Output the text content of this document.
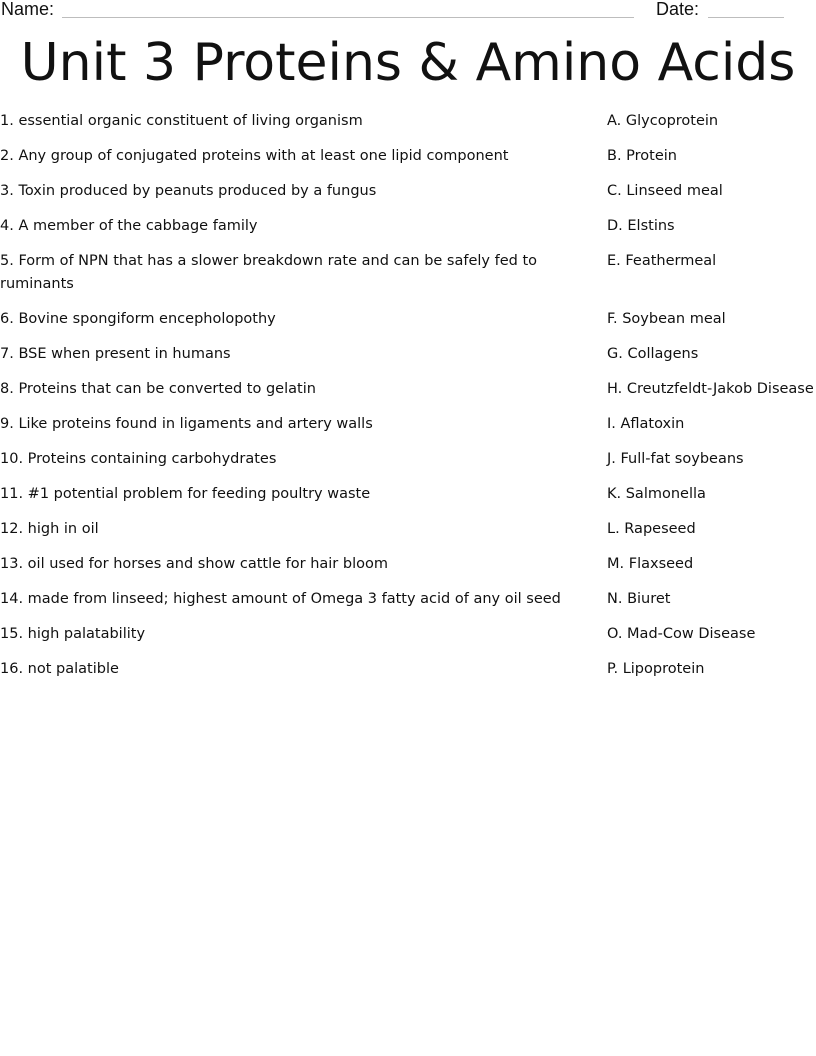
Name:	Date:
Unit 3 Proteins & Amino Acids
1. essential organic constituent of living organism
2. Any group of conjugated proteins with at least one lipid component
3. Toxin produced by peanuts produced by a fungus
4. A member of the cabbage family
5. Form of NPN that has a slower breakdown rate and can be safely fed to ruminants
6. Bovine spongiform encepholopothy
7. BSE when present in humans
8. Proteins that can be converted to gelatin
9. Like proteins found in ligaments and artery walls
10. Proteins containing carbohydrates
11. #1 potential problem for feeding poultry waste
12. high in oil
13. oil used for horses and show cattle for hair bloom
14. made from linseed; highest amount of Omega 3 fatty acid of any oil seed
15. high palatability
16. not palatible
A. Glycoprotein
B. Protein
C. Linseed meal
D. Elstins
E. Feathermeal
F. Soybean meal
G. Collagens
H. Creutzfeldt-Jakob Disease
I. Aflatoxin
J. Full-fat soybeans
K. Salmonella
L. Rapeseed
M. Flaxseed
N. Biuret
O. Mad-Cow Disease
P. Lipoprotein
